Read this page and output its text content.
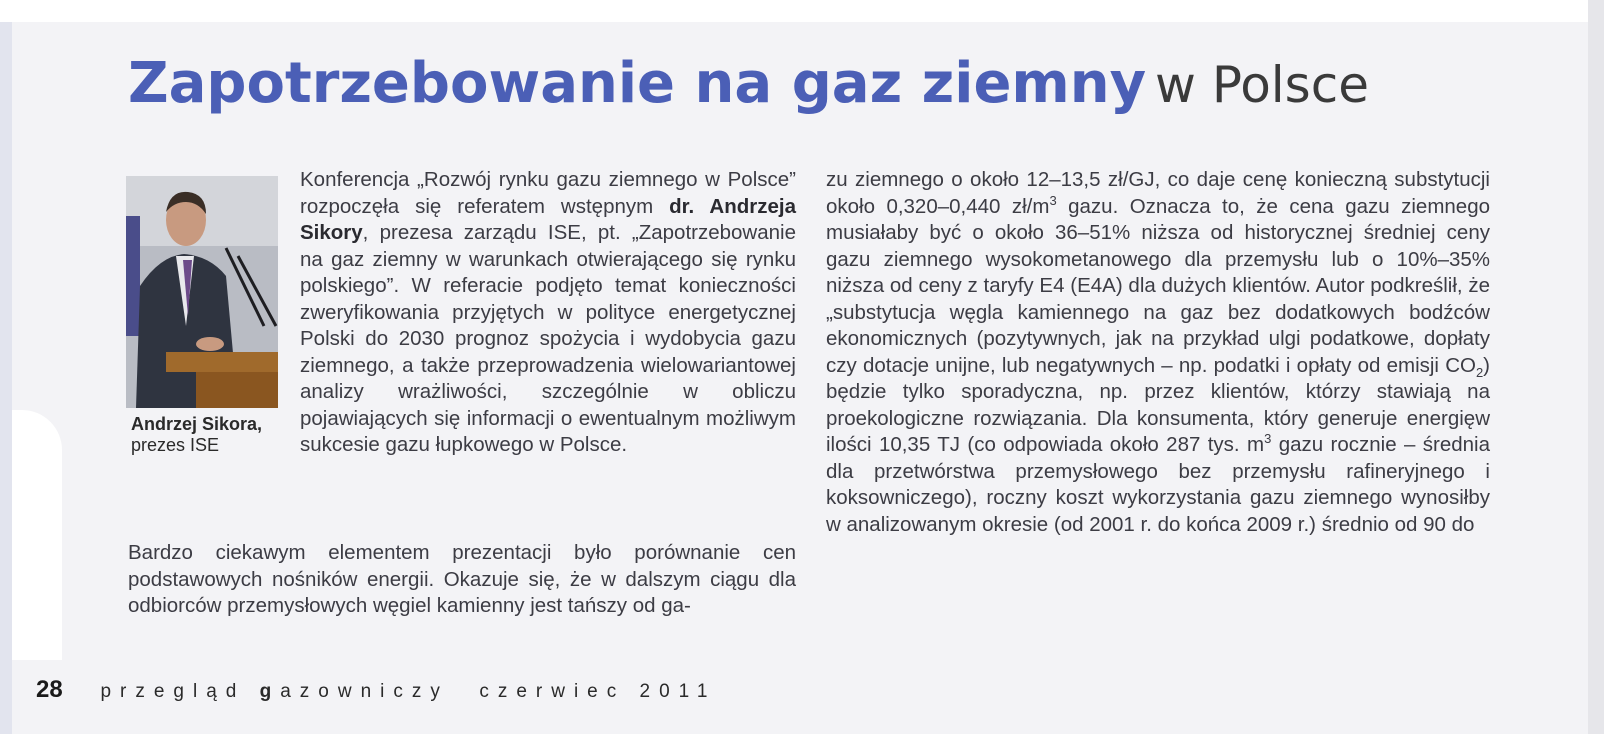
Zapotrzebowanie na gaz ziemny w Polsce
Andrzej Sikora,
prezes ISE

Konferencja „Rozwój rynku gazu ziemnego w Polsce” rozpoczęła się referatem wstępnym dr. Andrzeja Sikory, prezesa zarządu ISE, pt. „Zapotrzebowanie na gaz ziemny w warunkach otwierającego się rynku polskiego”. W referacie podjęto temat konieczności zweryfikowania przyjętych w polityce energetycznej Polski do 2030 prognoz spożycia i wydobycia gazu ziemnego, a także przeprowadzenia wielowariantowej analizy wrażliwości, szczególnie w obliczu pojawiających się informacji o ewentualnym możliwym sukcesie gazu łupkowego w Polsce.

Bardzo ciekawym elementem prezentacji było porównanie cen podstawowych nośników energii. Okazuje się, że w dalszym ciągu dla odbiorców przemysłowych węgiel kamienny jest tańszy od ga-

zu ziemnego o około 12–13,5 zł/GJ, co daje cenę konieczną substytucji około 0,320–0,440 $zł/m^3$ gazu. Oznacza to, że cena gazu ziemnego musiałaby być o około 36–51% niższa od historycznej średniej ceny gazu ziemnego wysokometanowego dla przemysłu lub o 10%–35% niższa od ceny z taryfy E4 (E4A) dla dużych klientów. Autor podkreślił, że „substytucja węgla kamiennego na gaz bez dodatkowych bodźców ekonomicznych (pozytywnych, jak na przykład ulgi podatkowe, dopłaty czy dotacje unijne, lub negatywnych – np. podatki i opłaty od emisji $CO_2$) będzie tylko sporadyczna, np. przez klientów, którzy stawiają na proekologiczne rozwiązania. Dla konsumenta, który generuje energięw ilości 10,35 TJ (co odpowiada około 287 tys. $m^3$ gazu rocznie – średnia dla przetwórstwa przemysłowego bez przemysłu rafineryjnego i koksowniczego), roczny koszt wykorzystania gazu ziemnego wynosiłby w analizowanym okresie (od 2001 r. do końca 2009 r.) średnio od 90 do

28 przegląd gazowniczy czerwiec 2011
